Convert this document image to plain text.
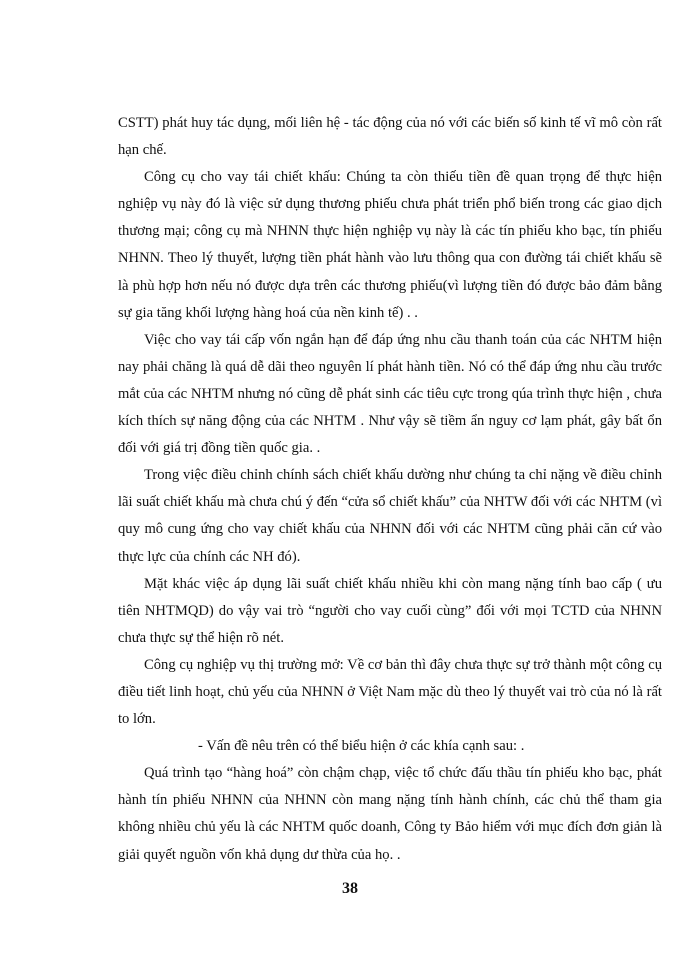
CSTT) phát huy tác dụng, mối liên hệ - tác động của nó với các biến số kinh tế vĩ mô còn rất hạn chế.

Công cụ cho vay tái chiết khấu: Chúng ta còn thiếu tiền đề quan trọng để thực hiện nghiệp vụ này đó là việc sử dụng thương phiếu chưa phát triển phổ biến trong các giao dịch thương mại; công cụ mà NHNN thực hiện nghiệp vụ này là các tín phiếu kho bạc, tín phiếu NHNN. Theo lý thuyết, lượng tiền phát hành vào lưu thông qua con đường tái chiết khấu sẽ là phù hợp hơn nếu nó được dựa trên các thương phiếu(vì lượng tiền đó được bảo đảm bằng sự gia tăng khối lượng hàng hoá của nền kinh tế) . .

Việc cho vay tái cấp vốn ngắn hạn để đáp ứng nhu cầu thanh toán của các NHTM hiện nay phải chăng là quá dễ dãi theo nguyên lí phát hành tiền. Nó có thể đáp ứng nhu cầu trước mắt của các NHTM nhưng nó cũng dễ phát sinh các tiêu cực trong qúa trình thực hiện , chưa kích thích sự năng động của các NHTM . Như vậy sẽ tiềm ẩn nguy cơ lạm phát, gây bất ổn đối với giá trị đồng tiền quốc gia. .

Trong việc điều chỉnh chính sách chiết khấu dường như chúng ta chỉ nặng về điều chỉnh lãi suất chiết khấu mà chưa chú ý đến “cửa sổ chiết khấu” của NHTW đối với các NHTM (vì quy mô cung ứng cho vay chiết khấu của NHNN đối với các NHTM cũng phải căn cứ vào thực lực của chính các NH đó).

Mặt khác việc áp dụng lãi suất chiết khấu nhiều khi còn mang nặng tính bao cấp ( ưu tiên NHTMQD) do vậy vai trò “người cho vay cuối cùng” đối với mọi TCTD của NHNN chưa thực sự thể hiện rõ nét.

Công cụ nghiệp vụ thị trường mở: Về cơ bản thì đây chưa thực sự trở thành một công cụ điều tiết linh hoạt, chủ yếu của NHNN ở Việt Nam mặc dù theo lý thuyết vai trò của nó là rất to lớn.

- Vấn đề nêu trên có thể biểu hiện ở các khía cạnh sau: .

Quá trình tạo “hàng hoá” còn chậm chạp, việc tổ chức đấu thầu tín phiếu kho bạc, phát hành tín phiếu NHNN của NHNN còn mang nặng tính hành chính, các chủ thể tham gia không nhiều chủ yếu là các NHTM quốc doanh, Công ty Bảo hiểm với mục đích đơn giản là giải quyết nguồn vốn khả dụng dư thừa của họ. .

38
